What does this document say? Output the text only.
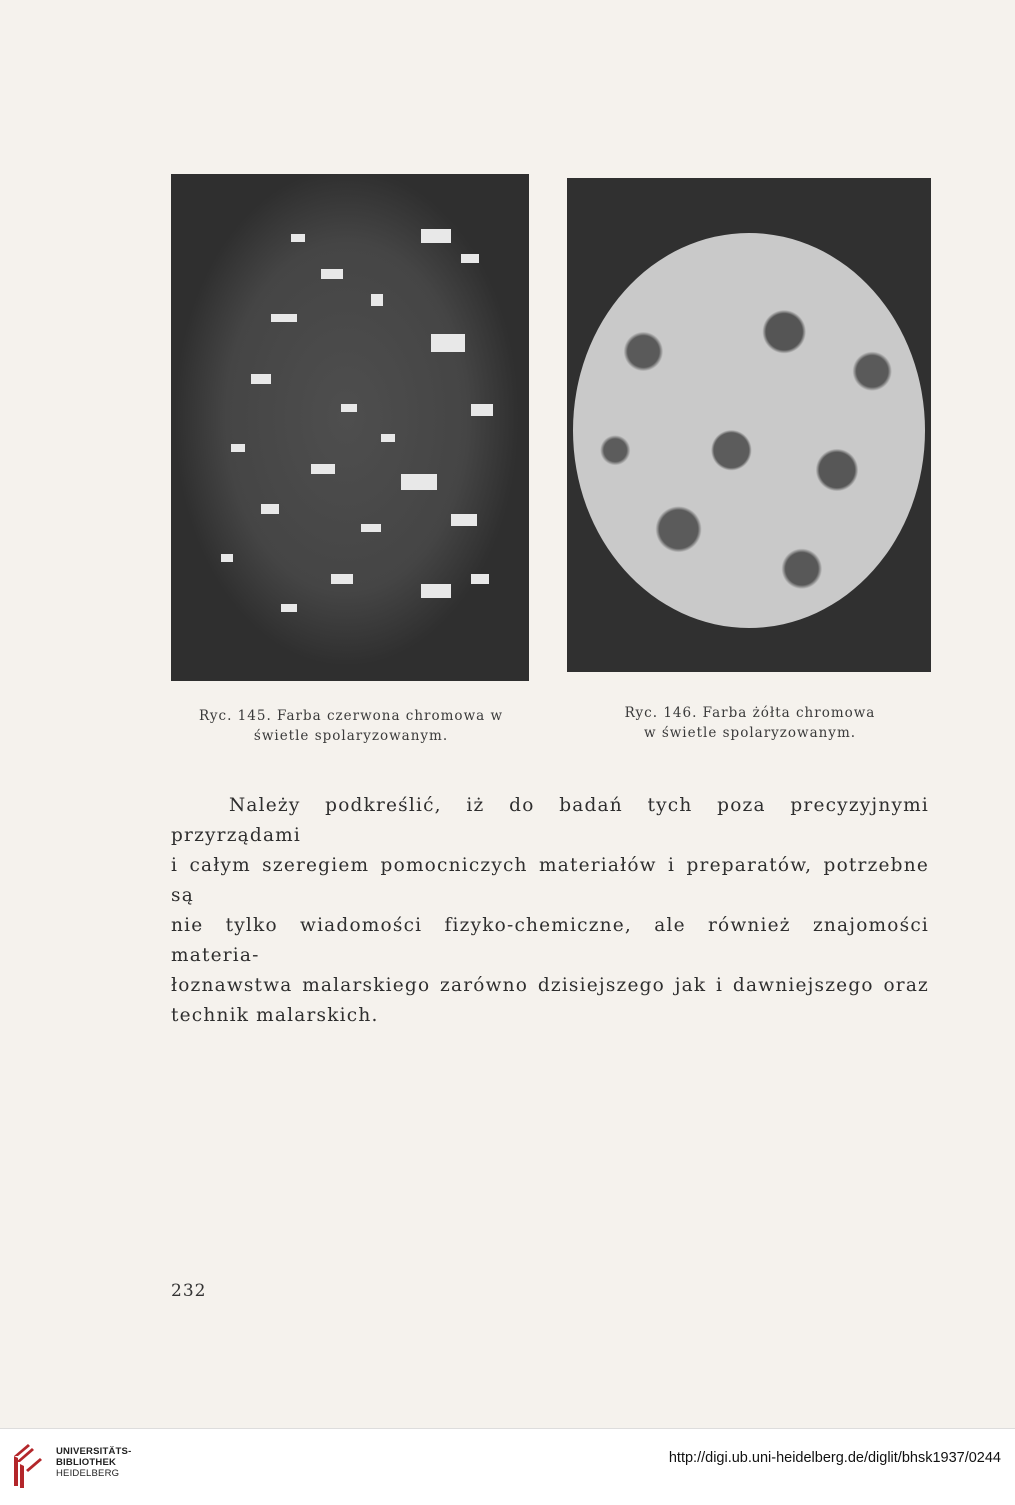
Ryc. 145. Farba czerwona chromowa w
świetle spolaryzowanym.
Ryc. 146. Farba żółta chromowa
w świetle spolaryzowanym.
Należy podkreślić, iż do badań tych poza precyzyjnymi przyrządami
i całym szeregiem pomocniczych materiałów i preparatów, potrzebne są
nie tylko wiadomości fizyko-chemiczne, ale również znajomości materia-
łoznawstwa malarskiego zarówno dzisiejszego jak i dawniejszego oraz
technik malarskich.
232
UNIVERSITÄTS-
BIBLIOTHEK
HEIDELBERG
http://digi.ub.uni-heidelberg.de/diglit/bhsk1937/0244
